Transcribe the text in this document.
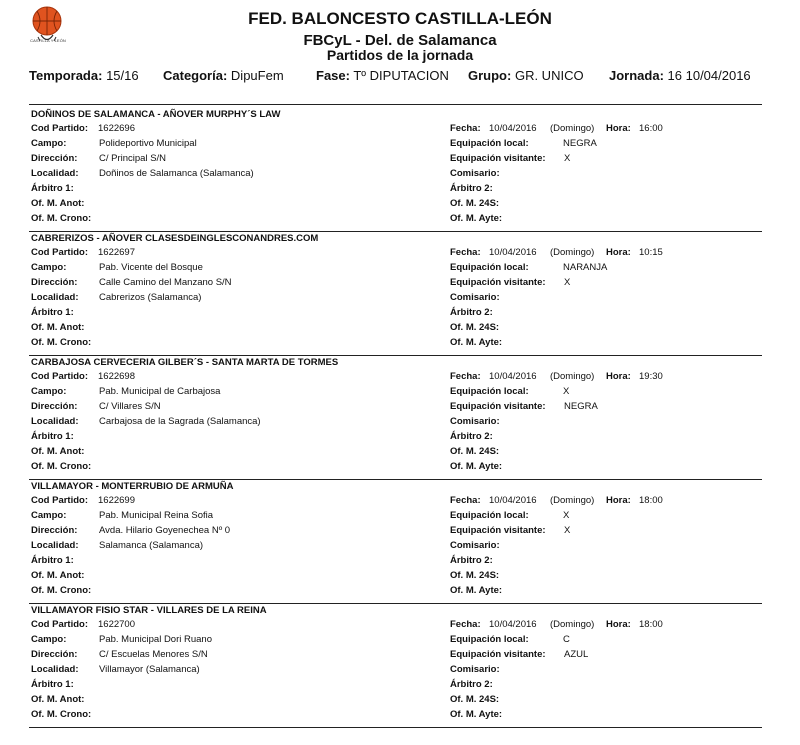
CASTILLA Y LEÓN
FED. BALONCESTO CASTILLA-LEÓN
FBCyL - Del. de Salamanca
Partidos de la jornada
Temporada: 15/16 Categoría: DipuFem Fase: Tº DIPUTACION Grupo: GR. UNICO Jornada: 16 10/04/2016
DOÑINOS DE SALAMANCA - AÑOVER MURPHY´S LAW
Cod Partido: 1622696	Fecha: 10/04/2016 (Domingo) Hora: 16:00
Campo:	Polideportivo Municipal	Equipación local:	NEGRA
Dirección: C/ Principal S/N	Equipación visitante: X
Localidad: Doñinos de Salamanca (Salamanca)	Comisario:
Árbitro 1:	Árbitro 2:
Of. M. Anot:	Of. M. 24S:
Of. M. Crono:	Of. M. Ayte:
CABRERIZOS - AÑOVER CLASESDEINGLESCONANDRES.COM
Cod Partido: 1622697	Fecha: 10/04/2016 (Domingo) Hora: 10:15
Campo:	Pab. Vicente del Bosque	Equipación local:	NARANJA
Dirección: Calle Camino del Manzano S/N	Equipación visitante: X
Localidad: Cabrerizos (Salamanca)	Comisario:
Árbitro 1:	Árbitro 2:
Of. M. Anot:	Of. M. 24S:
Of. M. Crono:	Of. M. Ayte:
CARBAJOSA CERVECERIA GILBER´S - SANTA MARTA DE TORMES
Cod Partido: 1622698	Fecha: 10/04/2016 (Domingo) Hora: 19:30
Campo:	Pab. Municipal de Carbajosa	Equipación local:	X
Dirección: C/ Villares S/N	Equipación visitante: NEGRA
Localidad: Carbajosa de la Sagrada (Salamanca)	Comisario:
Árbitro 1:	Árbitro 2:
Of. M. Anot:	Of. M. 24S:
Of. M. Crono:	Of. M. Ayte:
VILLAMAYOR - MONTERRUBIO DE ARMUÑA
Cod Partido: 1622699	Fecha: 10/04/2016 (Domingo) Hora: 18:00
Campo:	Pab. Municipal Reina Sofia	Equipación local:	X
Dirección: Avda. Hilario Goyenechea Nº 0	Equipación visitante: X
Localidad: Salamanca (Salamanca)	Comisario:
Árbitro 1:	Árbitro 2:
Of. M. Anot:	Of. M. 24S:
Of. M. Crono:	Of. M. Ayte:
VILLAMAYOR FISIO STAR - VILLARES DE LA REINA
Cod Partido: 1622700	Fecha: 10/04/2016 (Domingo) Hora: 18:00
Campo:	Pab. Municipal Dori Ruano	Equipación local:	C
Dirección: C/ Escuelas Menores S/N	Equipación visitante: AZUL
Localidad: Villamayor (Salamanca)	Comisario:
Árbitro 1:	Árbitro 2:
Of. M. Anot:	Of. M. 24S:
Of. M. Crono:	Of. M. Ayte:
